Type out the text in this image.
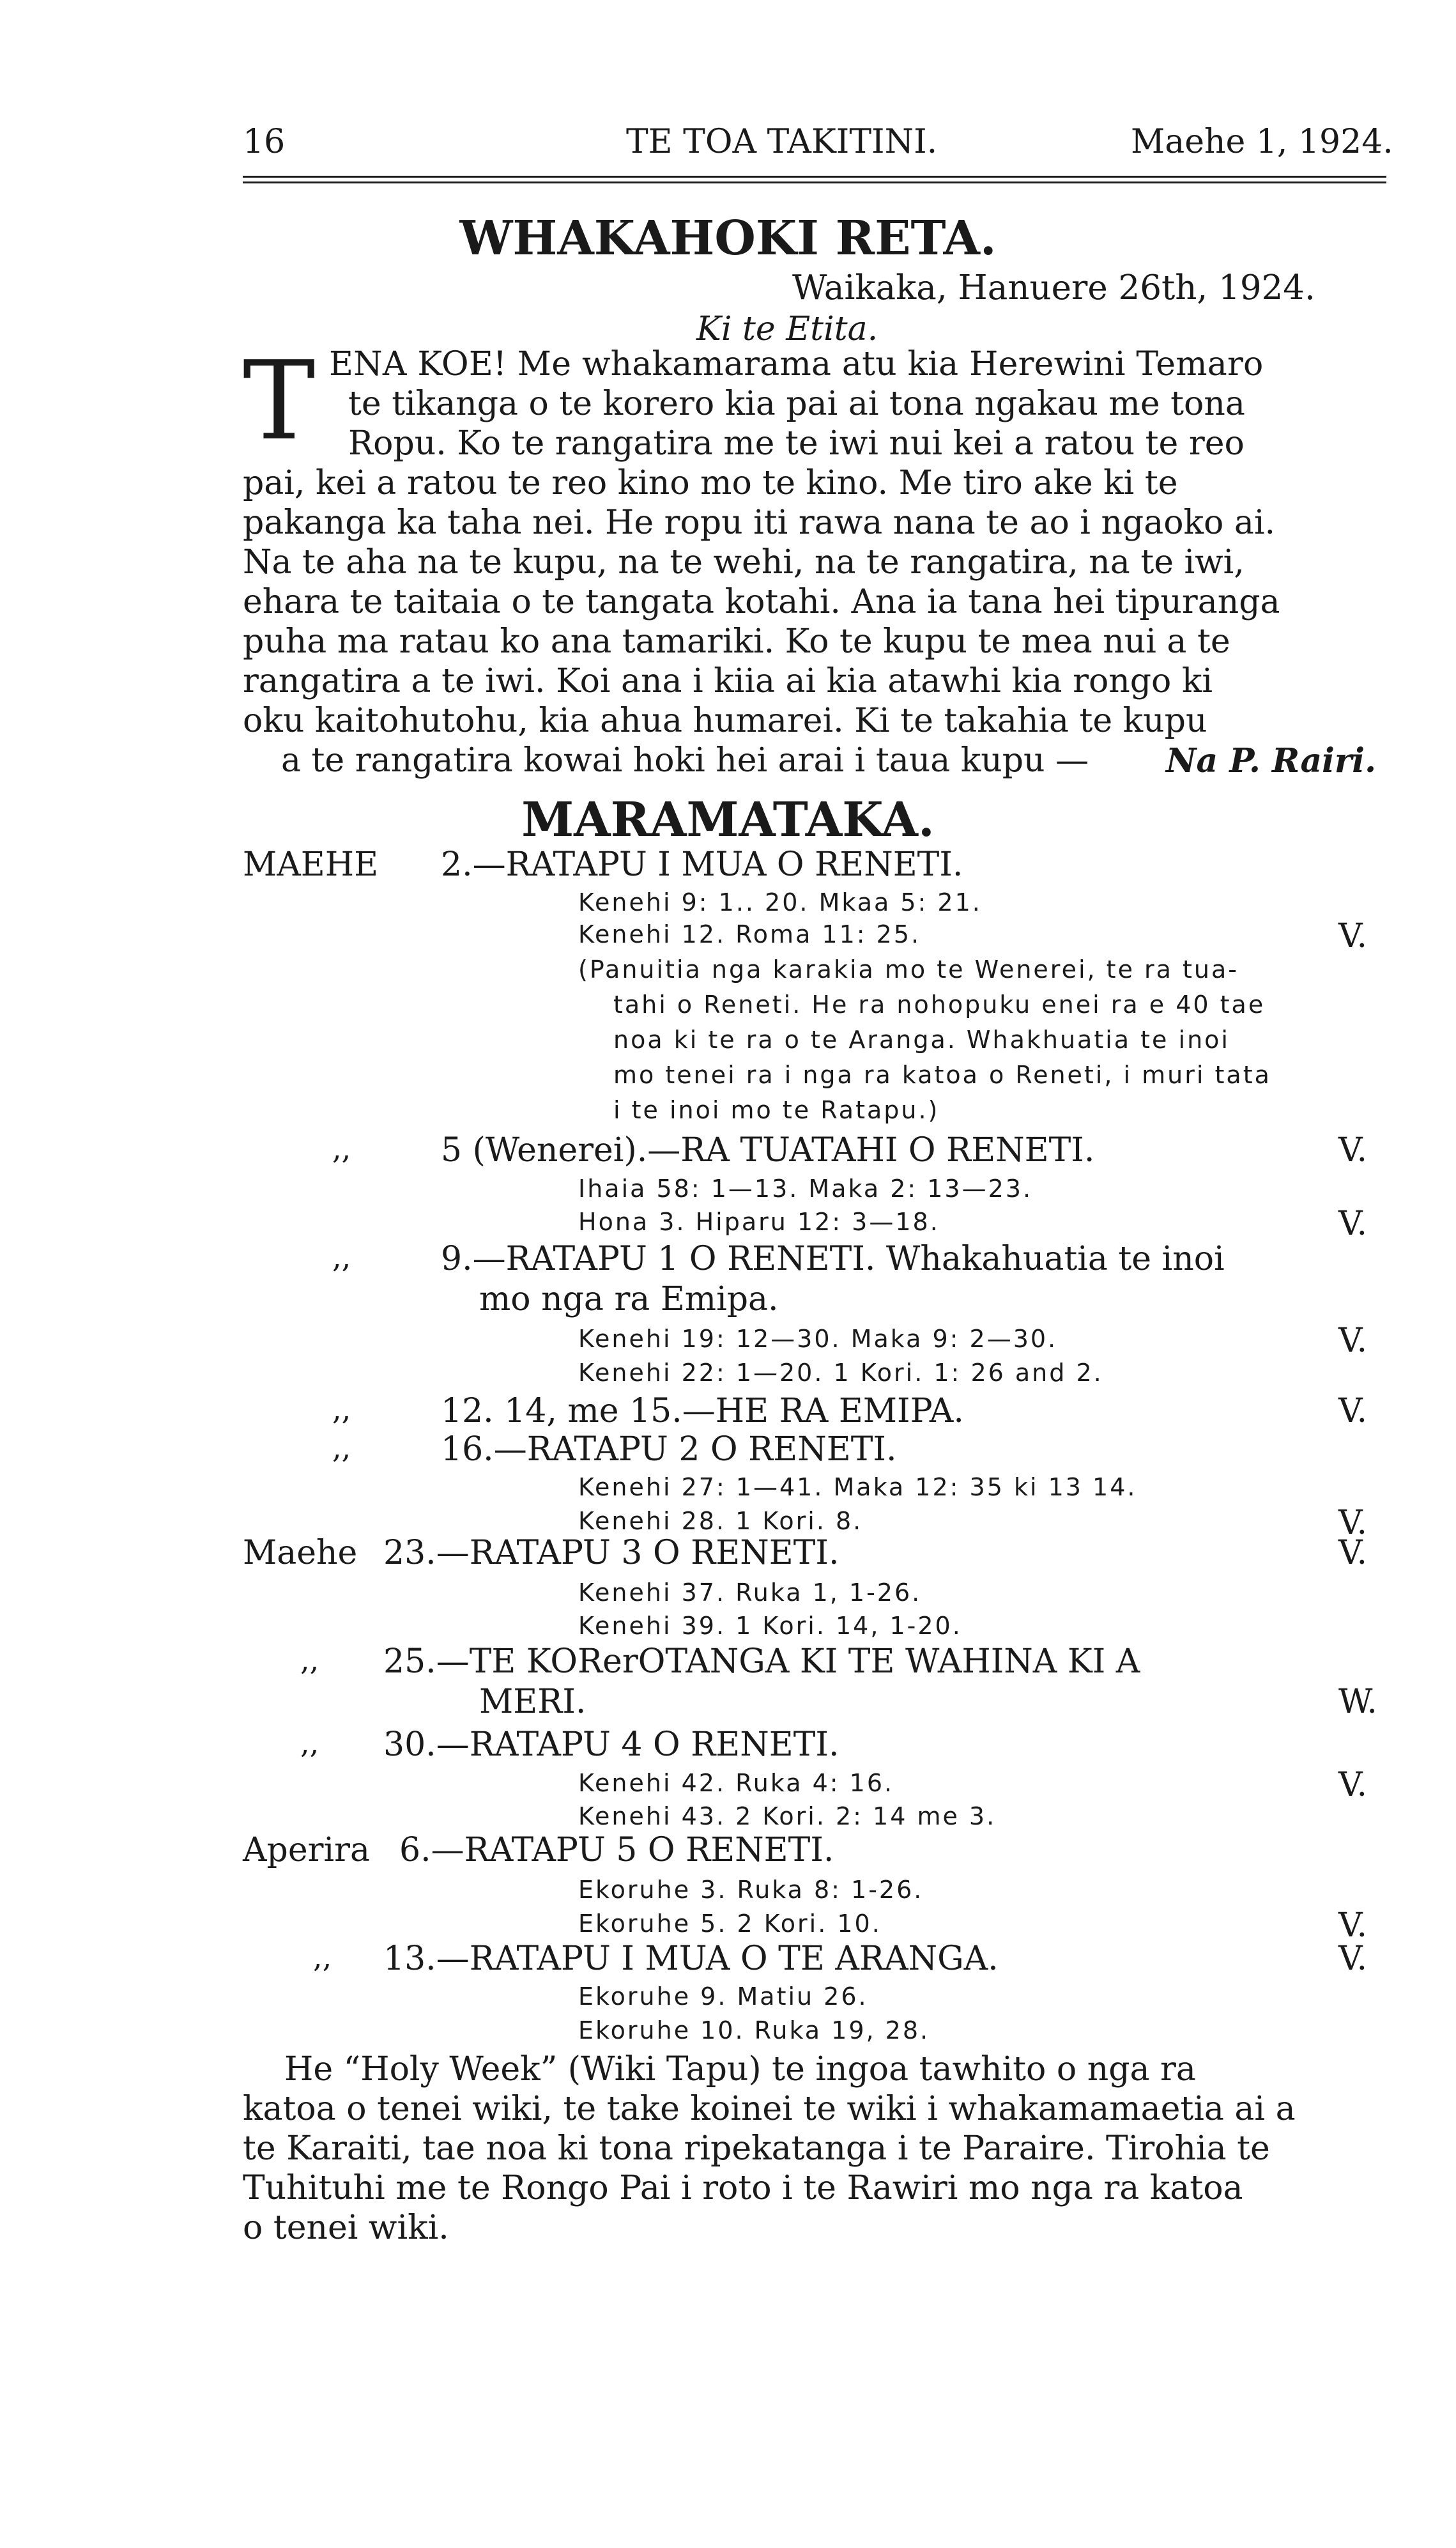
16	TE TOA TAKITINI.	Maehe 1, 1924.
WHAKAHOKI RETA.
Waikaka, Hanuere 26th, 1924.
Ki te Etita.
T ENA KOE! Me whakamarama atu kia Herewini Temaro
te tikanga o te korero kia pai ai tona ngakau me tona
Ropu. Ko te rangatira me te iwi nui kei a ratou te reo
pai, kei a ratou te reo kino mo te kino. Me tiro ake ki te
pakanga ka taha nei. He ropu iti rawa nana te ao i ngaoko ai.
Na te aha na te kupu, na te wehi, na te rangatira, na te iwi,
ehara te taitaia o te tangata kotahi. Ana ia tana hei tipuranga
puha ma ratau ko ana tamariki. Ko te kupu te mea nui a te
rangatira a te iwi. Koi ana i kiia ai kia atawhi kia rongo ki
oku kaitohutohu, kia ahua humarei. Ki te takahia te kupu
a te rangatira kowai hoki hei arai i taua kupu —	Na P. Rairi.
MARAMATAKA.
MAEHE 2.—RATAPU I MUA O RENETI.
Kenehi 9: 1.. 20. Mkaa 5: 21.
Kenehi 12. Roma 11: 25.	V.
(Panuitia nga karakia mo te Wenerei, te ra tua-
tahi o Reneti. He ra nohopuku enei ra e 40 tae
noa ki te ra o te Aranga. Whakhuatia te inoi
mo tenei ra i nga ra katoa o Reneti, i muri tata
i te inoi mo te Ratapu.)
,,	5 (Wenerei).—RA TUATAHI O RENETI.	V.
Ihaia 58: 1—13. Maka 2: 13—23.
Hona 3. Hiparu 12: 3—18.	V.
,,	9.—RATAPU 1 O RENETI. Whakahuatia te inoi
mo nga ra Emipa.
Kenehi 19: 12—30. Maka 9: 2—30.	V.
Kenehi 22: 1—20. 1 Kori. 1: 26 and 2.
,,	12. 14, me 15.—HE RA EMIPA.	V.
,,	16.—RATAPU 2 O RENETI.
Kenehi 27: 1—41. Maka 12: 35 ki 13 14.
Kenehi 28. 1 Kori. 8.	V.
Maehe 23.—RATAPU 3 O RENETI.	V.
Kenehi 37. Ruka 1, 1-26.
Kenehi 39. 1 Kori. 14, 1-20.
,, 25.—TE KORerOTANGA KI TE WAHINA KI A
MERI.	W.
,, 30.—RATAPU 4 O RENETI.
Kenehi 42. Ruka 4: 16.	V.
Kenehi 43. 2 Kori. 2: 14 me 3.
Aperira 6.—RATAPU 5 O RENETI.
Ekoruhe 3. Ruka 8: 1-26.
Ekoruhe 5. 2 Kori. 10.	V.
,, 13.—RATAPU I MUA O TE ARANGA.	V.
Ekoruhe 9. Matiu 26.
Ekoruhe 10. Ruka 19, 28.
He “Holy Week” (Wiki Tapu) te ingoa tawhito o nga ra
katoa o tenei wiki, te take koinei te wiki i whakamamaetia ai a
te Karaiti, tae noa ki tona ripekatanga i te Paraire. Tirohia te
Tuhituhi me te Rongo Pai i roto i te Rawiri mo nga ra katoa
o tenei wiki.
